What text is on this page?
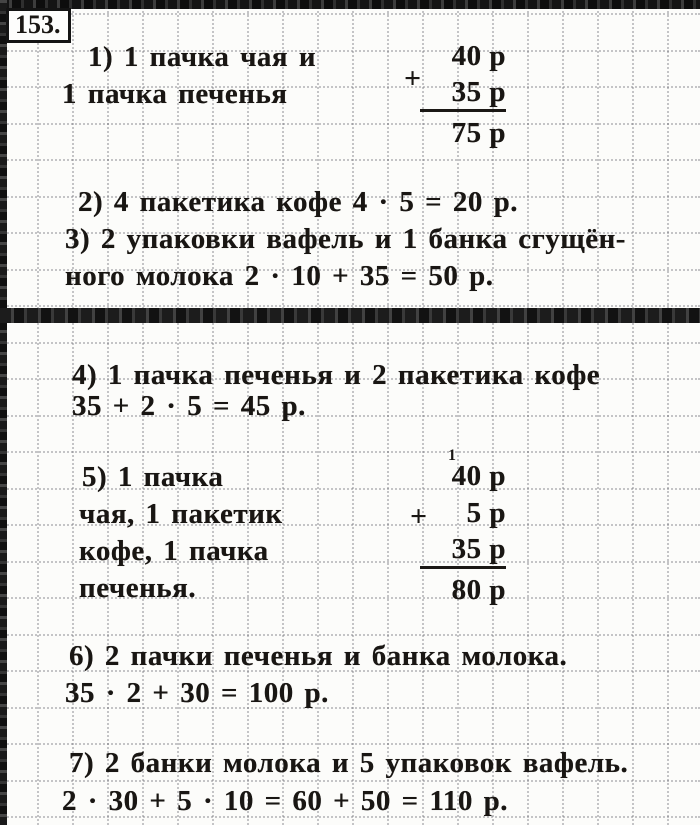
153.
1) 1 пачка чая и
1 пачка печенья	+
40 р
35 р
75 р
2) 4 пакетика кофе 4 · 5 = 20 р.
3) 2 упаковки вафель и 1 банка сгущён-
ного молока 2 · 10 + 35 = 50 р.
4) 1 пачка печенья и 2 пакетика кофе
35 + 2 · 5 = 45 р.
5) 1 пачка
чая, 1 пакетик
кофе, 1 пачка
печенья.
1
+
40 р
5 р
35 р
80 р
6) 2 пачки печенья и банка молока.
35 · 2 + 30 = 100 р.
7) 2 банки молока и 5 упаковок вафель.
2 · 30 + 5 · 10 = 60 + 50 = 110 р.
